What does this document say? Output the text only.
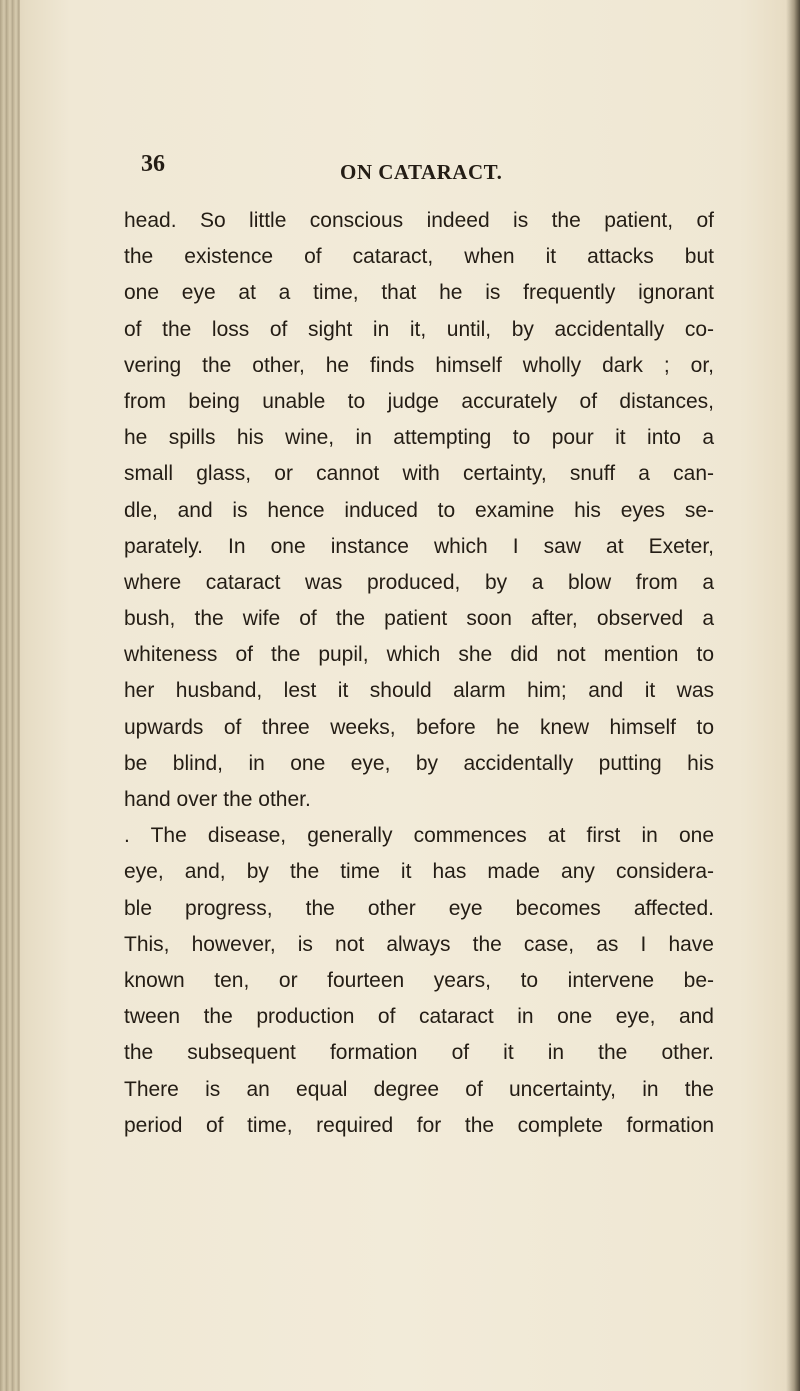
36	ON CATARACT.
head. So little conscious indeed is the patient, of
the existence of cataract, when it attacks but
one eye at a time, that he is frequently ignorant
of the loss of sight in it, until, by accidentally co-
vering the other, he finds himself wholly dark ; or,
from being unable to judge accurately of distances,
he spills his wine, in attempting to pour it into a
small glass, or cannot with certainty, snuff a can-
dle, and is hence induced to examine his eyes se-
parately. In one instance which I saw at Exeter,
where cataract was produced, by a blow from a
bush, the wife of the patient soon after, observed a
whiteness of the pupil, which she did not mention to
her husband, lest it should alarm him; and it was
upwards of three weeks, before he knew himself to
be blind, in one eye, by accidentally putting his
hand over the other.
. The disease, generally commences at first in one
eye, and, by the time it has made any considera-
ble progress, the other eye becomes affected.
This, however, is not always the case, as I have
known ten, or fourteen years, to intervene be-
tween the production of cataract in one eye, and
the subsequent formation of it in the other.
There is an equal degree of uncertainty, in the
period of time, required for the complete formation
